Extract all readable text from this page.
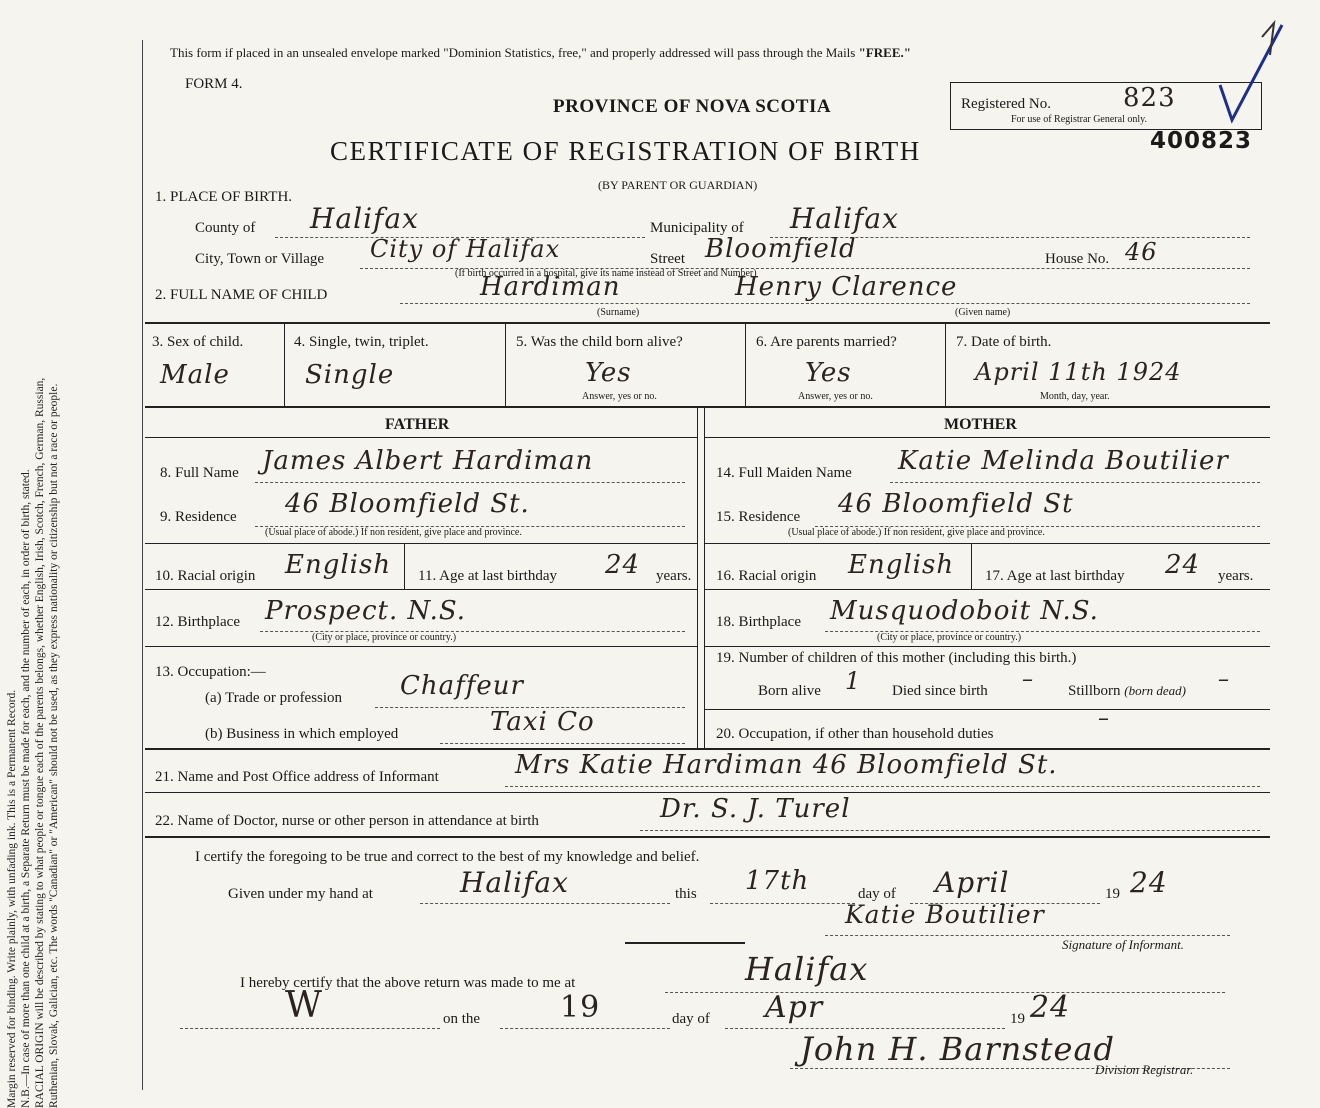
Margin reserved for binding. Write plainly, with unfading ink. This is a Permanent Record. N.B.—In case of more than one child at a birth, a Separate Return must be made for each, and the number of each, in order of birth, stated. RACIAL ORIGIN will be described by stating to what people or tongue each of the parents belongs, whether English, Irish, Scotch, French, German, Russian, Ruthenian, Slovak, Galician, etc. The words "Canadian" or "American" should not be used, as they express nationality or citizenship but not a race or people.

This form if placed in an unsealed envelope marked "Dominion Statistics, free," and properly addressed will pass through the Mails "FREE."
FORM 4.
PROVINCE OF NOVA SCOTIA
CERTIFICATE OF REGISTRATION OF BIRTH
(BY PARENT OR GUARDIAN)
Registered No.	823
For use of Registrar General only.
400823
1. PLACE OF BIRTH.
County of Halifax	Municipality of Halifax
City, Town or Village City of Halifax	Street Bloomfield	House No. 46
(If birth occurred in a hospital, give its name instead of Street and Number)
2. FULL NAME OF CHILD	Hardiman	Henry Clarence
(Surname)	(Given name)
3. Sex of child.
Male
4. Single, twin, triplet.
Single
5. Was the child born alive?
Yes
Answer, yes or no.
6. Are parents married?
Yes
Answer, yes or no.
7. Date of birth.
April 11th 1924
Month, day, year.
FATHER	MOTHER
8. Full Name James Albert Hardiman
9. Residence 46 Bloomfield St.
(Usual place of abode.) If non resident, give place and province.
10. Racial origin English 11. Age at last birthday 24 years.
12. Birthplace Prospect. N.S.
(City or place, province or country.)
13. Occupation:—
(a) Trade or profession Chaffeur
(b) Business in which employed	Taxi Co
14. Full Maiden Name Katie Melinda Boutilier
15. Residence 46 Bloomfield St
(Usual place of abode.) If non resident, give place and province.
16. Racial origin English 17. Age at last birthday 24 years.
18. Birthplace Musquodoboit N.S.
(City or place, province or country.)
19. Number of children of this mother (including this birth.)
Born alive 1 Died since birth – Stillborn (born dead) –
20. Occupation, if other than household duties
–
21. Name and Post Office address of Informant	Mrs Katie Hardiman 46 Bloomfield St.
22. Name of Doctor, nurse or other person in attendance at birth	Dr. S. J. Turel
I certify the foregoing to be true and correct to the best of my knowledge and belief.
Given under my hand at	Halifax	this 17th	day of April	19 24
Katie Boutilier
Signature of Informant.
I hereby certify that the above return was made to me at	Halifax
W	on the	19	day of Apr	19 24
John H. Barnstead
Division Registrar.
